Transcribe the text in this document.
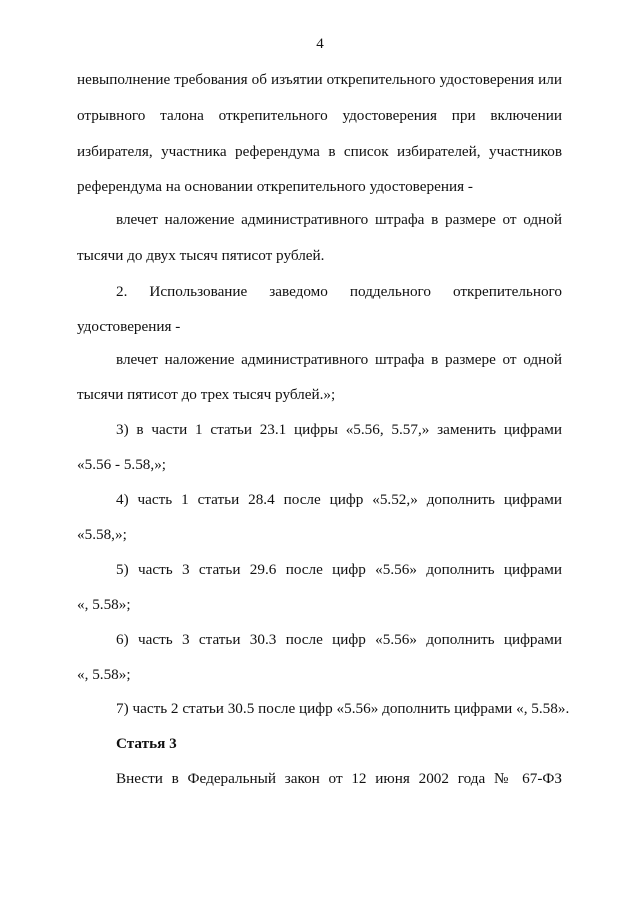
4
невыполнение требования об изъятии открепительного удостоверения или
отрывного талона открепительного удостоверения при включении
избирателя, участника референдума в список избирателей, участников
референдума на основании открепительного удостоверения -
влечет наложение административного штрафа в размере от одной
тысячи до двух тысяч пятисот рублей.
2. Использование заведомо поддельного открепительного
удостоверения -
влечет наложение административного штрафа в размере от одной
тысячи пятисот до трех тысяч рублей.»;
3) в части 1 статьи 23.1 цифры «5.56, 5.57,» заменить цифрами
«5.56 - 5.58,»;
4) часть 1 статьи 28.4 после цифр «5.52,» дополнить цифрами
«5.58,»;
5) часть 3 статьи 29.6 после цифр «5.56» дополнить цифрами
«, 5.58»;
6) часть 3 статьи 30.3 после цифр «5.56» дополнить цифрами
«, 5.58»;
7) часть 2 статьи 30.5 после цифр «5.56» дополнить цифрами «, 5.58».
Статья 3
Внести в Федеральный закон от 12 июня 2002 года № 67-ФЗ
